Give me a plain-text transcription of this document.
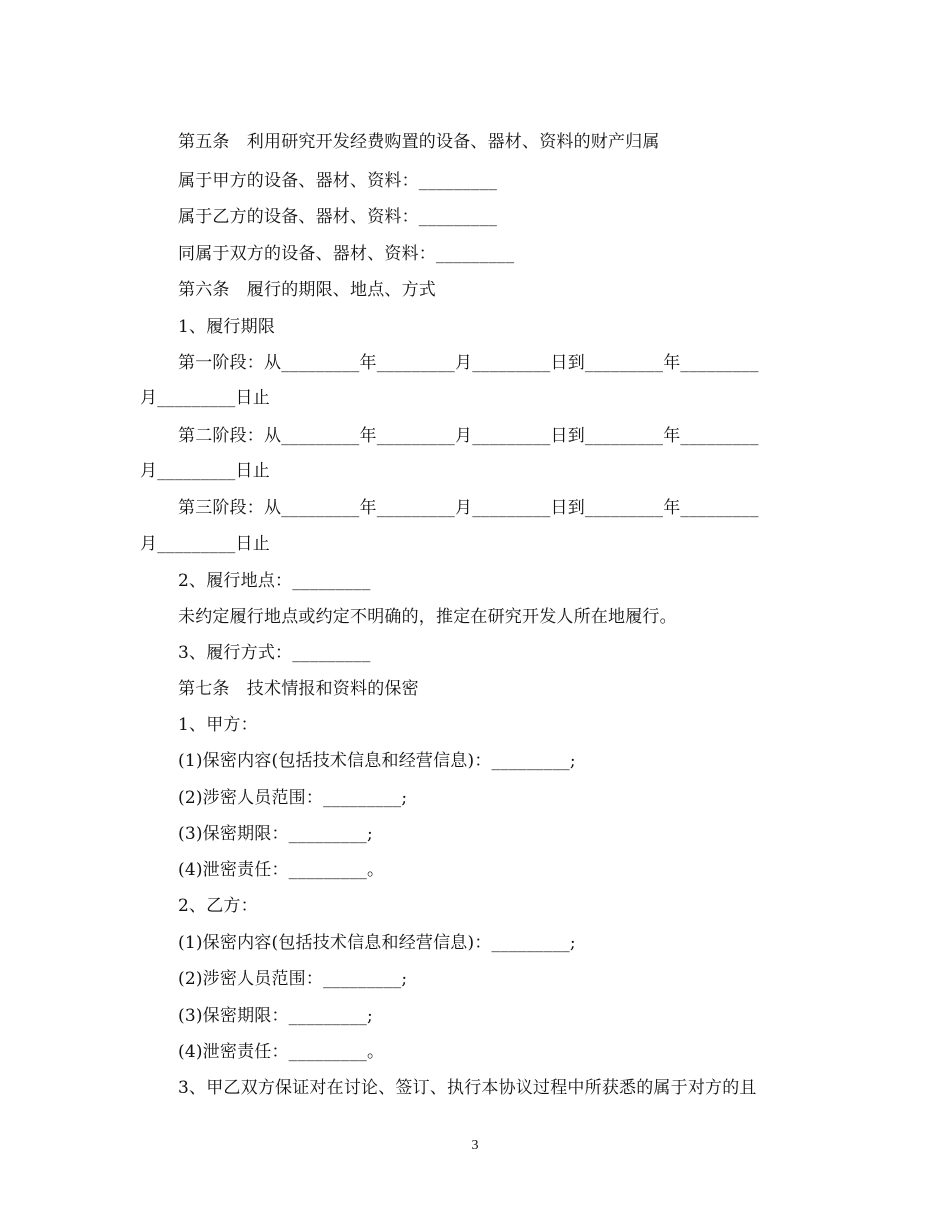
第五条　利用研究开发经费购置的设备、器材、资料的财产归属
属于甲方的设备、器材、资料：_________
属于乙方的设备、器材、资料：_________
同属于双方的设备、器材、资料：_________
第六条　履行的期限、地点、方式
1、履行期限
第一阶段：从_________年_________月_________日到_________年_________
月_________日止
第二阶段：从_________年_________月_________日到_________年_________
月_________日止
第三阶段：从_________年_________月_________日到_________年_________
月_________日止
2、履行地点：_________
未约定履行地点或约定不明确的，推定在研究开发人所在地履行。
3、履行方式：_________
第七条　技术情报和资料的保密
1、甲方：
(1)保密内容(包括技术信息和经营信息)：_________;
(2)涉密人员范围：_________;
(3)保密期限：_________;
(4)泄密责任：_________。
2、乙方：
(1)保密内容(包括技术信息和经营信息)：_________;
(2)涉密人员范围：_________;
(3)保密期限：_________;
(4)泄密责任：_________。
3、甲乙双方保证对在讨论、签订、执行本协议过程中所获悉的属于对方的且
3
